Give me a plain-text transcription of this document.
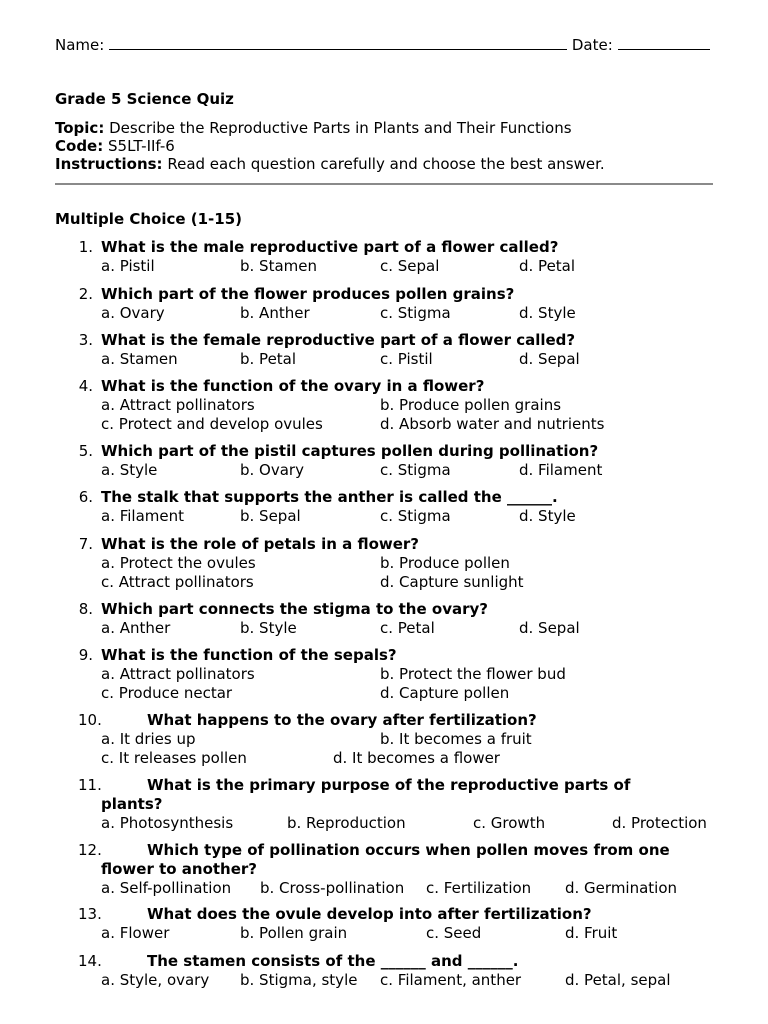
Name:	Date:
Grade 5 Science Quiz
Topic: Describe the Reproductive Parts in Plants and Their Functions
Code: S5LT-IIf-6
Instructions: Read each question carefully and choose the best answer.
Multiple Choice (1-15)
1. What is the male reproductive part of a flower called?
a. Pistil	b. Stamen	c. Sepal	d. Petal
2. Which part of the flower produces pollen grains?
a. Ovary	b. Anther	c. Stigma	d. Style
3. What is the female reproductive part of a flower called?
a. Stamen	b. Petal	c. Pistil	d. Sepal
4. What is the function of the ovary in a flower?
a. Attract pollinators	b. Produce pollen grains
c. Protect and develop ovules	d. Absorb water and nutrients
5. Which part of the pistil captures pollen during pollination?
a. Style	b. Ovary	c. Stigma	d. Filament
6. The stalk that supports the anther is called the ______.
a. Filament	b. Sepal	c. Stigma	d. Style
7. What is the role of petals in a flower?
a. Protect the ovules	b. Produce pollen
c. Attract pollinators	d. Capture sunlight
8. Which part connects the stigma to the ovary?
a. Anther	b. Style	c. Petal	d. Sepal
9. What is the function of the sepals?
a. Attract pollinators	b. Protect the flower bud
c. Produce nectar	d. Capture pollen
10.	What happens to the ovary after fertilization?
a. It dries up	b. It becomes a fruit
c. It releases pollen	d. It becomes a flower
11.	What is the primary purpose of the reproductive parts of
plants?
a. Photosynthesis	b. Reproduction	c. Growth	d. Protection
12.	Which type of pollination occurs when pollen moves from one
flower to another?
a. Self-pollination b. Cross-pollination c. Fertilization d. Germination
13.	What does the ovule develop into after fertilization?
a. Flower	b. Pollen grain	c. Seed	d. Fruit
14.	The stamen consists of the ______ and ______.
a. Style, ovary b. Stigma, style c. Filament, anther	d. Petal, sepal
